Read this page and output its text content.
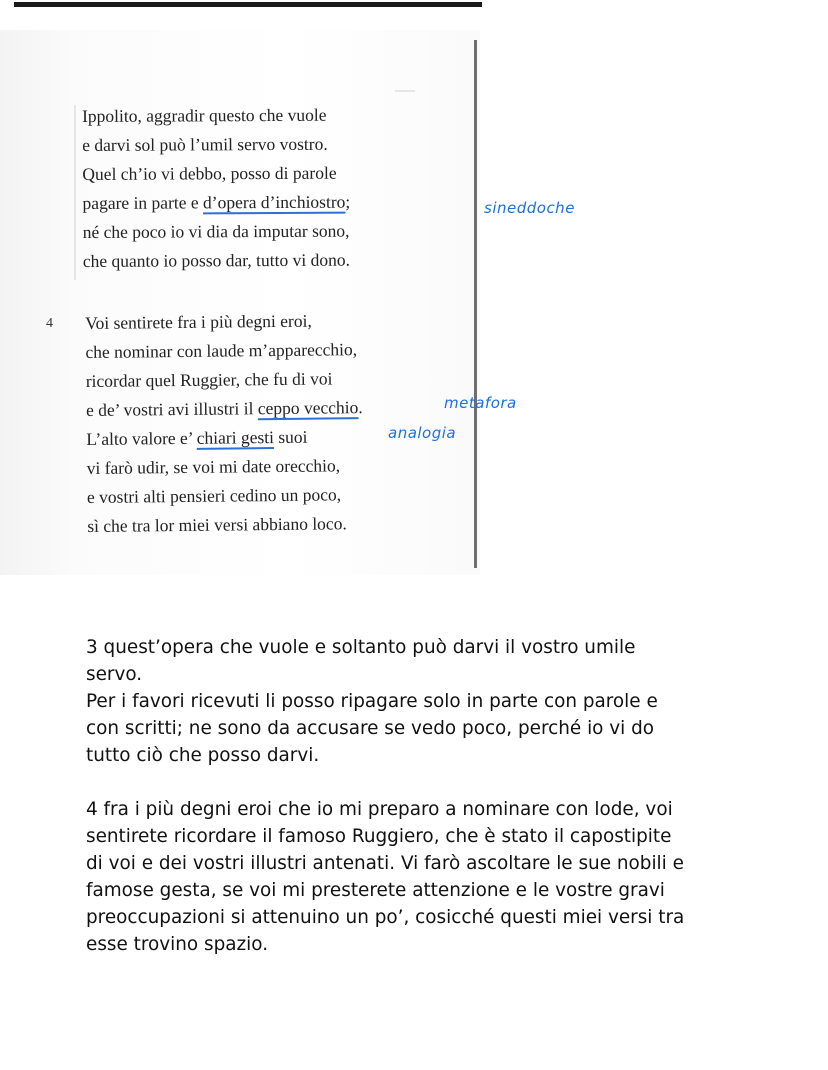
Ippolito, aggradir questo che vuole
e darvi sol può l’umil servo vostro.
Quel ch’io vi debbo, posso di parole
pagare in parte e d’opera d’inchiostro;
né che poco io vi dia da imputar sono,
che quanto io posso dar, tutto vi dono.
4 Voi sentirete fra i più degni eroi,
che nominar con laude m’apparecchio,
ricordar quel Ruggier, che fu di voi
e de’ vostri avi illustri il ceppo vecchio.
L’alto valore e’ chiari gesti suoi
vi farò udir, se voi mi date orecchio,
e vostri alti pensieri cedino un poco,
sì che tra lor miei versi abbiano loco.
sineddoche
metafora
analogia
3 quest’opera che vuole e soltanto può darvi il vostro umile
servo.
Per i favori ricevuti li posso ripagare solo in parte con parole e
con scritti; ne sono da accusare se vedo poco, perché io vi do
tutto ciò che posso darvi.
4 fra i più degni eroi che io mi preparo a nominare con lode, voi
sentirete ricordare il famoso Ruggiero, che è stato il capostipite
di voi e dei vostri illustri antenati. Vi farò ascoltare le sue nobili e
famose gesta, se voi mi presterete attenzione e le vostre gravi
preoccupazioni si attenuino un po’, cosicché questi miei versi tra
esse trovino spazio.
